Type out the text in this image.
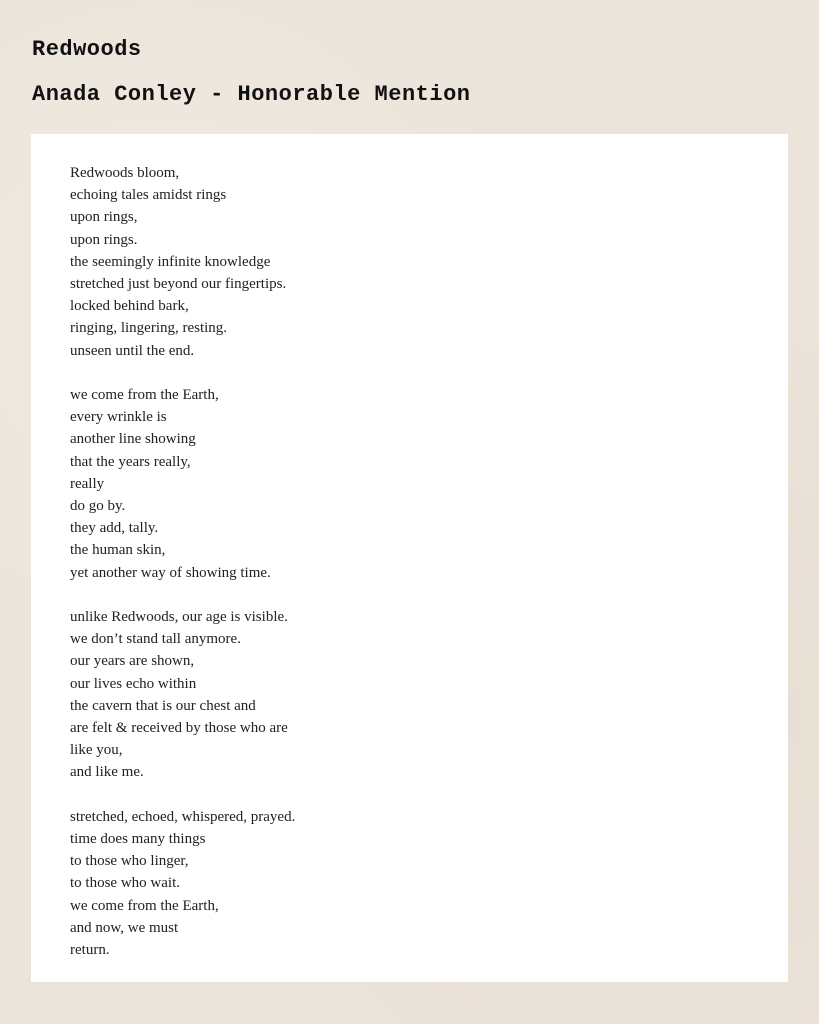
Redwoods
Anada Conley - Honorable Mention
Redwoods bloom,
echoing tales amidst rings
upon rings,
upon rings.
the seemingly infinite knowledge
stretched just beyond our fingertips.
locked behind bark,
ringing, lingering, resting.
unseen until the end.
we come from the Earth,
every wrinkle is
another line showing
that the years really,
really
do go by.
they add, tally.
the human skin,
yet another way of showing time.
unlike Redwoods, our age is visible.
we don’t stand tall anymore.
our years are shown,
our lives echo within
the cavern that is our chest and
are felt & received by those who are
like you,
and like me.
stretched, echoed, whispered, prayed.
time does many things
to those who linger,
to those who wait.
we come from the Earth,
and now, we must
return.
